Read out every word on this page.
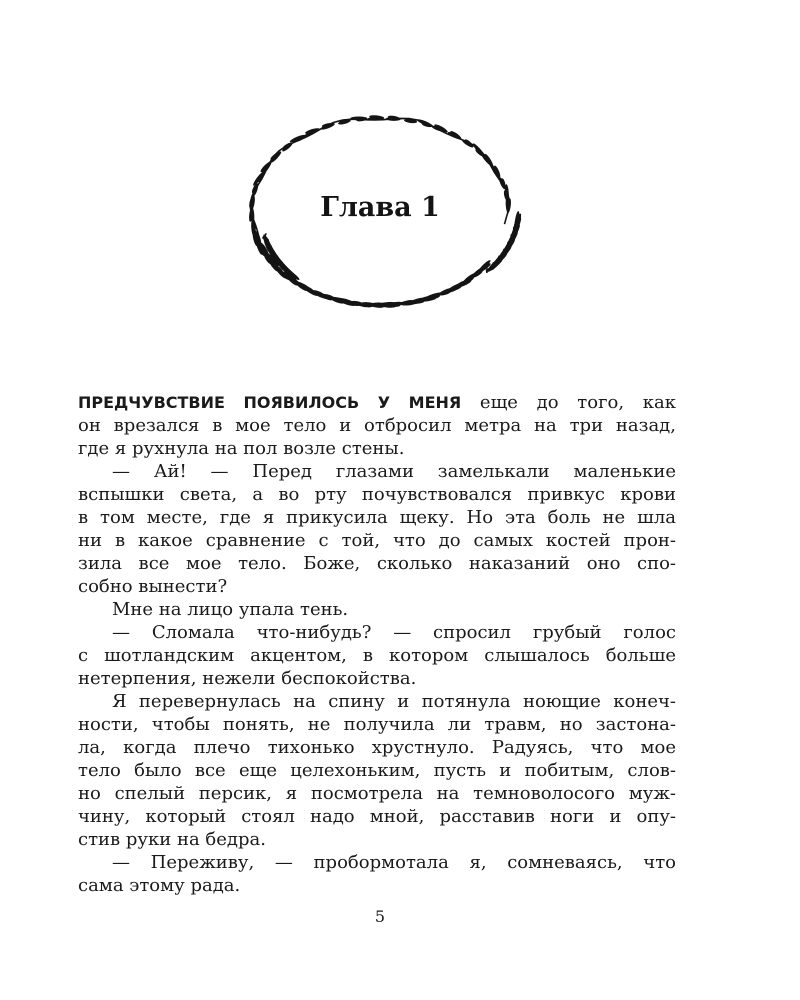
Глава 1
ПРЕДЧУВСТВИЕ ПОЯВИЛОСЬ У МЕНЯ еще до того, как
он врезался в мое тело и отбросил метра на три назад,
где я рухнула на пол возле стены.
— Ай! — Перед глазами замелькали маленькие
вспышки света, а во рту почувствовался привкус крови
в том месте, где я прикусила щеку. Но эта боль не шла
ни в какое сравнение с той, что до самых костей прон-
зила все мое тело. Боже, сколько наказаний оно спо-
собно вынести?
Мне на лицо упала тень.
— Сломала что-нибудь? — спросил грубый голос
с шотландским акцентом, в котором слышалось больше
нетерпения, нежели беспокойства.
Я перевернулась на спину и потянула ноющие конеч-
ности, чтобы понять, не получила ли травм, но застона-
ла, когда плечо тихонько хрустнуло. Радуясь, что мое
тело было все еще целехоньким, пусть и побитым, слов-
но спелый персик, я посмотрела на темноволосого муж-
чину, который стоял надо мной, расставив ноги и опу-
стив руки на бедра.
— Переживу, — пробормотала я, сомневаясь, что
сама этому рада.
5
